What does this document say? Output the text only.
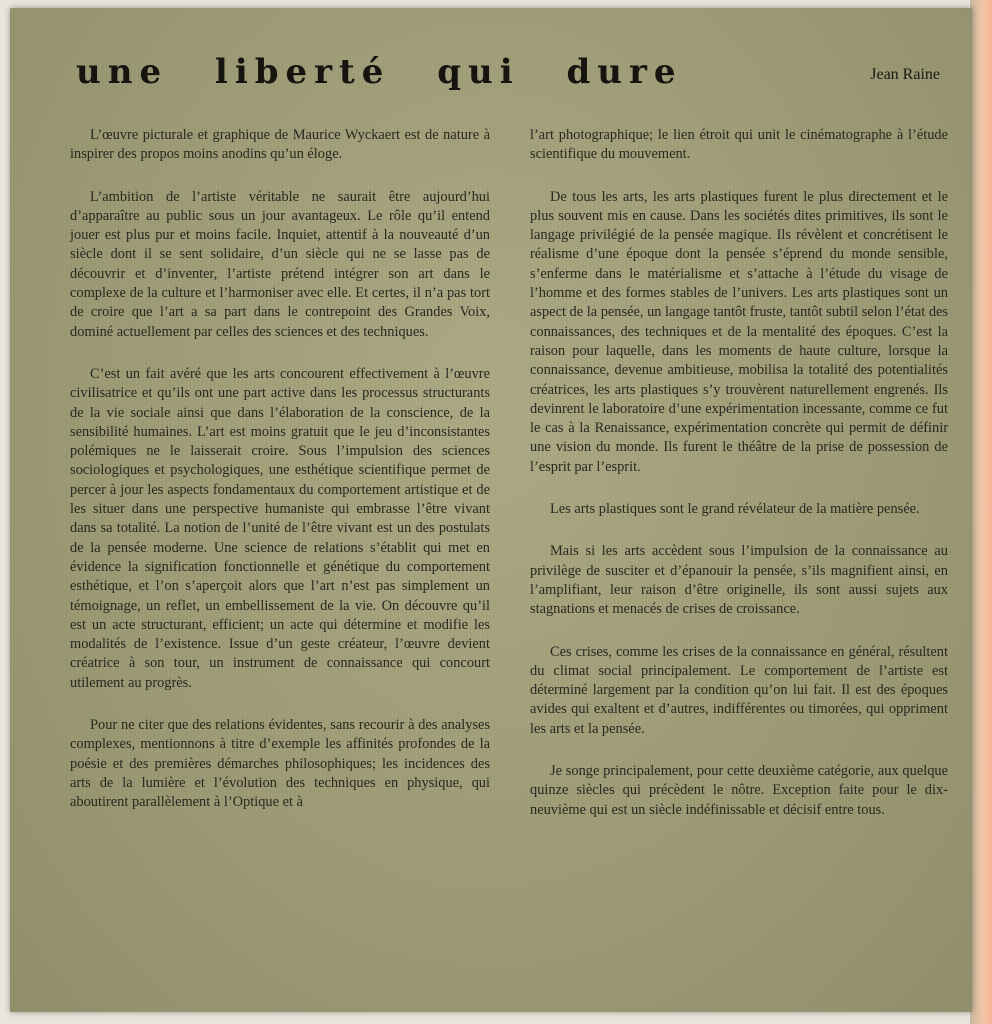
une liberté qui dure	Jean Raine

L’œuvre picturale et graphique de Maurice Wyckaert est de nature à inspirer des propos moins anodins qu’un éloge.

L’ambition de l’artiste véritable ne saurait être aujourd’hui d’apparaître au public sous un jour avantageux. Le rôle qu’il entend jouer est plus pur et moins facile. Inquiet, attentif à la nouveauté d’un siècle dont il se sent solidaire, d’un siècle qui ne se lasse pas de découvrir et d’inventer, l’artiste prétend intégrer son art dans le complexe de la culture et l’harmoniser avec elle. Et certes, il n’a pas tort de croire que l’art a sa part dans le contrepoint des Grandes Voix, dominé actuellement par celles des sciences et des techniques.

C’est un fait avéré que les arts concourent effectivement à l’œuvre civilisatrice et qu’ils ont une part active dans les processus structurants de la vie sociale ainsi que dans l’élaboration de la conscience, de la sensibilité humaines. L’art est moins gratuit que le jeu d’inconsistantes polémiques ne le laisserait croire. Sous l’impulsion des sciences sociologiques et psychologiques, une esthétique scientifique permet de percer à jour les aspects fondamentaux du comportement artistique et de les situer dans une perspective humaniste qui embrasse l’être vivant dans sa totalité. La notion de l’unité de l’être vivant est un des postulats de la pensée moderne. Une science de relations s’établit qui met en évidence la signification fonctionnelle et génétique du comportement esthétique, et l’on s’aperçoit alors que l’art n’est pas simplement un témoignage, un reflet, un embellissement de la vie. On découvre qu’il est un acte structurant, efficient; un acte qui détermine et modifie les modalités de l’existence. Issue d’un geste créateur, l’œuvre devient créatrice à son tour, un instrument de connaissance qui concourt utilement au progrès.

Pour ne citer que des relations évidentes, sans recourir à des analyses complexes, mentionnons à titre d’exemple les affinités profondes de la poésie et des premières démarches philosophiques; les incidences des arts de la lumière et l’évolution des techniques en physique, qui aboutirent parallèlement à l’Optique et à

l’art photographique; le lien étroit qui unit le cinématographe à l’étude scientifique du mouvement.

De tous les arts, les arts plastiques furent le plus directement et le plus souvent mis en cause. Dans les sociétés dites primitives, ils sont le langage privilégié de la pensée magique. Ils révèlent et concrétisent le réalisme d’une époque dont la pensée s’éprend du monde sensible, s’enferme dans le matérialisme et s’attache à l’étude du visage de l’homme et des formes stables de l’univers. Les arts plastiques sont un aspect de la pensée, un langage tantôt fruste, tantôt subtil selon l’état des connaissances, des techniques et de la mentalité des époques. C’est la raison pour laquelle, dans les moments de haute culture, lorsque la connaissance, devenue ambitieuse, mobilisa la totalité des potentialités créatrices, les arts plastiques s’y trouvèrent naturellement engrenés. Ils devinrent le laboratoire d’une expérimentation incessante, comme ce fut le cas à la Renaissance, expérimentation concrète qui permit de définir une vision du monde. Ils furent le théâtre de la prise de possession de l’esprit par l’esprit.

Les arts plastiques sont le grand révélateur de la matière pensée.

Mais si les arts accèdent sous l’impulsion de la connaissance au privilège de susciter et d’épanouir la pensée, s’ils magnifient ainsi, en l’amplifiant, leur raison d’être originelle, ils sont aussi sujets aux stagnations et menacés de crises de croissance.

Ces crises, comme les crises de la connaissance en général, résultent du climat social principalement. Le comportement de l’artiste est déterminé largement par la condition qu’on lui fait. Il est des époques avides qui exaltent et d’autres, indifférentes ou timorées, qui oppriment les arts et la pensée.

Je songe principalement, pour cette deuxième catégorie, aux quelque quinze siècles qui précèdent le nôtre. Exception faite pour le dix-neuvième qui est un siècle indéfinissable et décisif entre tous.
